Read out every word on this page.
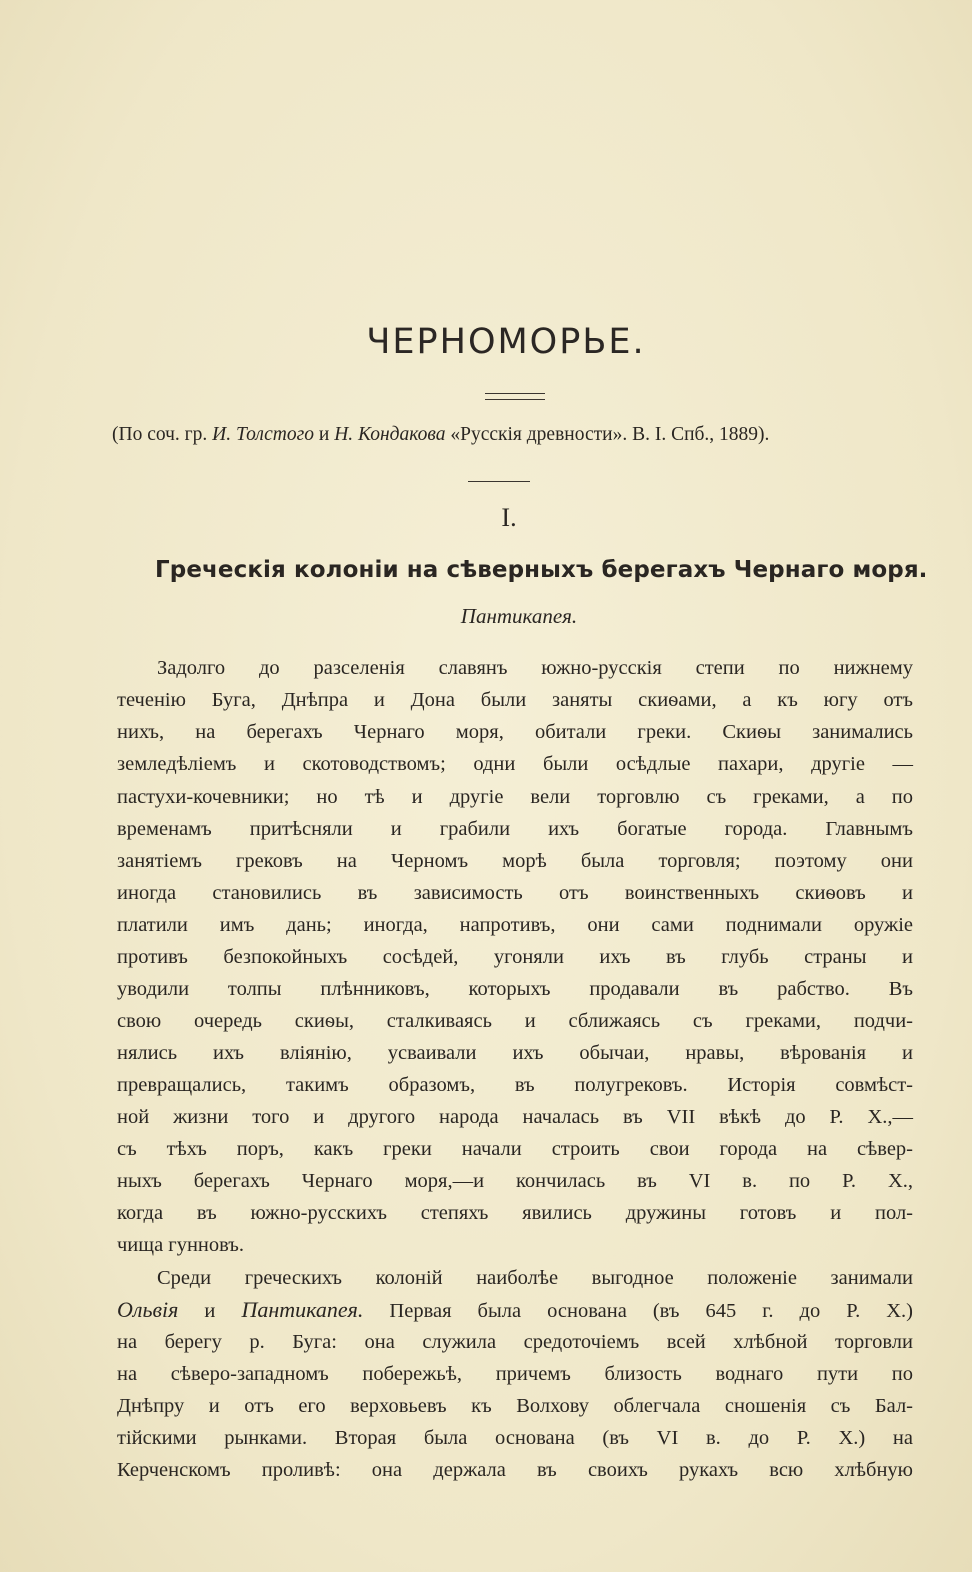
ЧЕРНОМОРЬЕ.
(По соч. гр. И. Толстого и Н. Кондакова «Русскія древности». В. I. Спб., 1889).
I.
Греческія колоніи на сѣверныхъ берегахъ Чернаго моря.
Пантикапея.
Задолго до разселенія славянъ южно-русскія степи по нижнему
теченію Буга, Днѣпра и Дона были заняты скиѳами, а къ югу отъ
нихъ, на берегахъ Чернаго моря, обитали греки. Скиѳы занимались
земледѣліемъ и скотоводствомъ; одни были осѣдлые пахари, другіе —
пастухи-кочевники; но тѣ и другіе вели торговлю съ греками, а по
временамъ притѣсняли и грабили ихъ богатые города. Главнымъ
занятіемъ грековъ на Черномъ морѣ была торговля; поэтому они
иногда становились въ зависимость отъ воинственныхъ скиѳовъ и
платили имъ дань; иногда, напротивъ, они сами поднимали оружіе
противъ безпокойныхъ сосѣдей, угоняли ихъ въ глубь страны и
уводили толпы плѣнниковъ, которыхъ продавали въ рабство. Въ
свою очередь скиѳы, сталкиваясь и сближаясь съ греками, подчи-
нялись ихъ вліянію, усваивали ихъ обычаи, нравы, вѣрованія и
превращались, такимъ образомъ, въ полугрековъ. Исторія совмѣст-
ной жизни того и другого народа началась въ VII вѣкѣ до Р. Х.,—
съ тѣхъ поръ, какъ греки начали строить свои города на сѣвер-
ныхъ берегахъ Чернаго моря,—и кончилась въ VI в. по Р. Х.,
когда въ южно-русскихъ степяхъ явились дружины готовъ и пол-
чища гунновъ.
Среди греческихъ колоній наиболѣе выгодное положеніе занимали
Ольвія и Пантикапея. Первая была основана (въ 645 г. до Р. Х.)
на берегу р. Буга: она служила средоточіемъ всей хлѣбной торговли
на сѣверо-западномъ побережьѣ, причемъ близость воднаго пути по
Днѣпру и отъ его верховьевъ къ Волхову облегчала сношенія съ Бал-
тійскими рынками. Вторая была основана (въ VI в. до Р. Х.) на
Керченскомъ проливѣ: она держала въ своихъ рукахъ всю хлѣбную
